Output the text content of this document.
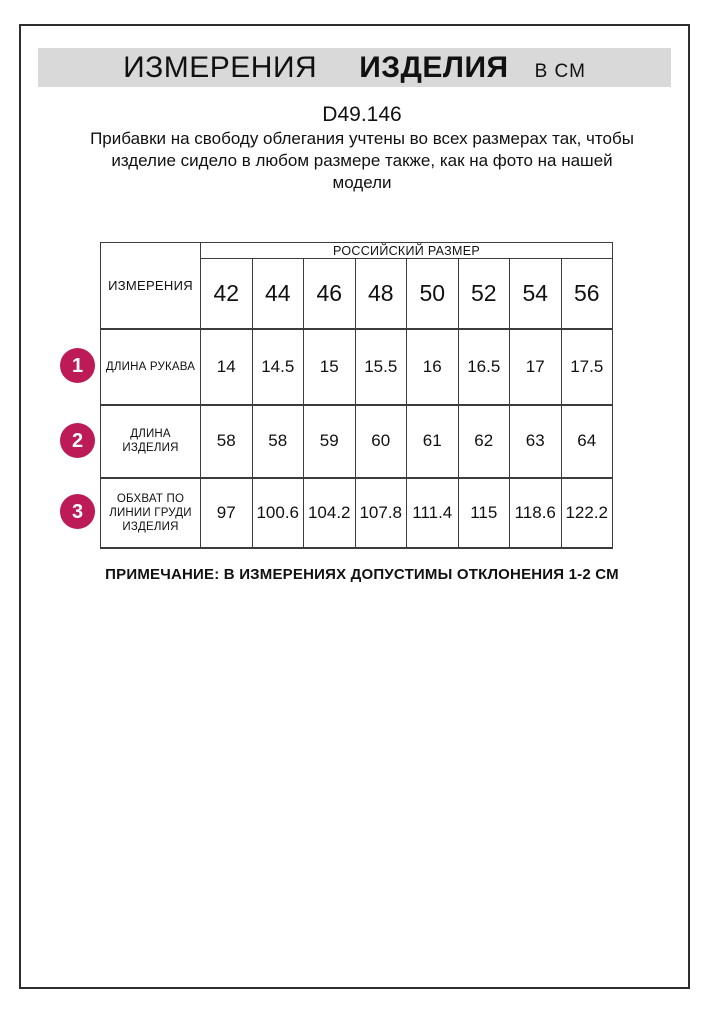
ИЗМЕРЕНИЯ ИЗДЕЛИЯ В СМ
D49.146
Прибавки на свободу облегания учтены во всех размерах так, чтобы изделие сидело в любом размере также, как на фото на нашей модели
ИЗМЕРЕНИЯ	РОССИЙСКИЙ РАЗМЕР							
	42	44	46	48	50	52	54	56
ДЛИНА РУКАВА	14	14.5	15	15.5	16	16.5	17	17.5
ДЛИНА ИЗДЕЛИЯ	58	58	59	60	61	62	63	64
ОБХВАТ ПО ЛИНИИ ГРУДИ ИЗДЕЛИЯ	97	100.6	104.2	107.8	111.4	115	118.6	122.2
1
2
3
ПРИМЕЧАНИЕ: В ИЗМЕРЕНИЯХ ДОПУСТИМЫ ОТКЛОНЕНИЯ 1-2 СМ
